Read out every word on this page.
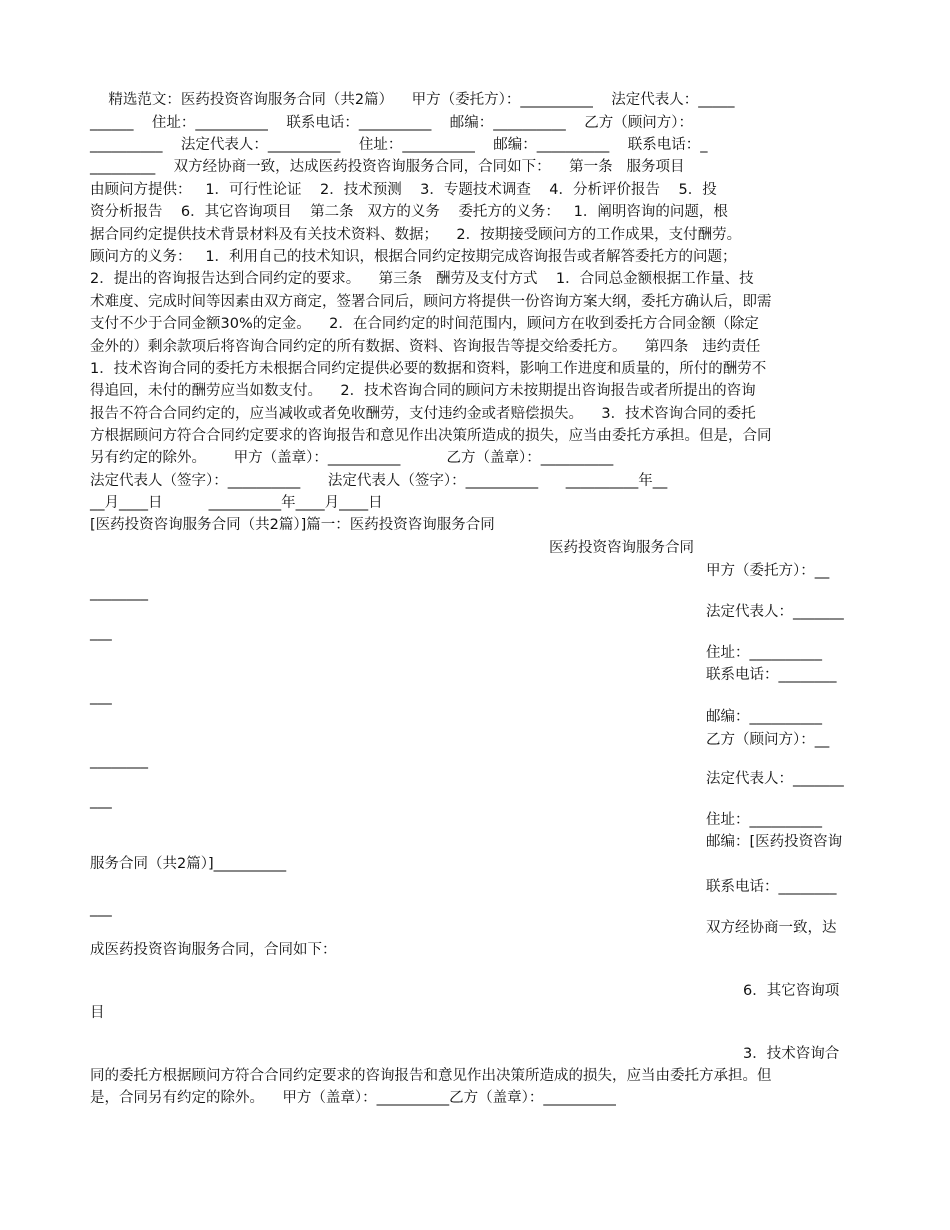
精选范文：医药投资咨询服务合同（共2篇）    甲方（委托方）：__________    法定代表人：_____
______    住址：__________    联系电话：__________    邮编：__________    乙方（顾问方）：
__________    法定代表人：__________    住址：__________    邮编：__________    联系电话：_
_________    双方经协商一致，达成医药投资咨询服务合同，合同如下：    第一条   服务项目
由顾问方提供：   1．可行性论证    2．技术预测    3．专题技术调查    4．分析评价报告    5．投
资分析报告    6．其它咨询项目    第二条   双方的义务    委托方的义务：   1．阐明咨询的问题，根
据合同约定提供技术背景材料及有关技术资料、数据；    2．按期接受顾问方的工作成果，支付酬劳。
顾问方的义务：   1．利用自己的技术知识，根据合同约定按期完成咨询报告或者解答委托方的问题；
2．提出的咨询报告达到合同约定的要求。    第三条   酬劳及支付方式    1．合同总金额根据工作量、技
术难度、完成时间等因素由双方商定，签署合同后，顾问方将提供一份咨询方案大纲，委托方确认后，即需
支付不少于合同金额30%的定金。    2．在合同约定的时间范围内，顾问方在收到委托方合同金额（除定
金外的）剩余款项后将咨询合同约定的所有数据、资料、咨询报告等提交给委托方。    第四条   违约责任
1．技术咨询合同的委托方未根据合同约定提供必要的数据和资料，影响工作进度和质量的，所付的酬劳不
得追回，未付的酬劳应当如数支付。    2．技术咨询合同的顾问方未按期提出咨询报告或者所提出的咨询
报告不符合合同约定的，应当减收或者免收酬劳，支付违约金或者赔偿损失。    3．技术咨询合同的委托
方根据顾问方符合合同约定要求的咨询报告和意见作出决策所造成的损失，应当由委托方承担。但是，合同
另有约定的除外。      甲方（盖章）：__________          乙方（盖章）：__________
法定代表人（签字）：__________      法定代表人（签字）：__________      __________年__
__月____日          __________年____月____日
[医药投资咨询服务合同（共2篇）]篇一：医药投资咨询服务合同
医药投资咨询服务合同
甲方（委托方）：__
________
法定代表人：_______
___
住址：__________
联系电话：________
___
邮编：__________
乙方（顾问方）：__
________
法定代表人：_______
___
住址：__________
邮编：[医药投资咨询
服务合同（共2篇）]__________
联系电话：________
___
双方经协商一致，达
成医药投资咨询服务合同，合同如下：
6．其它咨询项
目
3．技术咨询合
同的委托方根据顾问方符合合同约定要求的咨询报告和意见作出决策所造成的损失，应当由委托方承担。但
是，合同另有约定的除外。    甲方（盖章）：__________乙方（盖章）：__________
